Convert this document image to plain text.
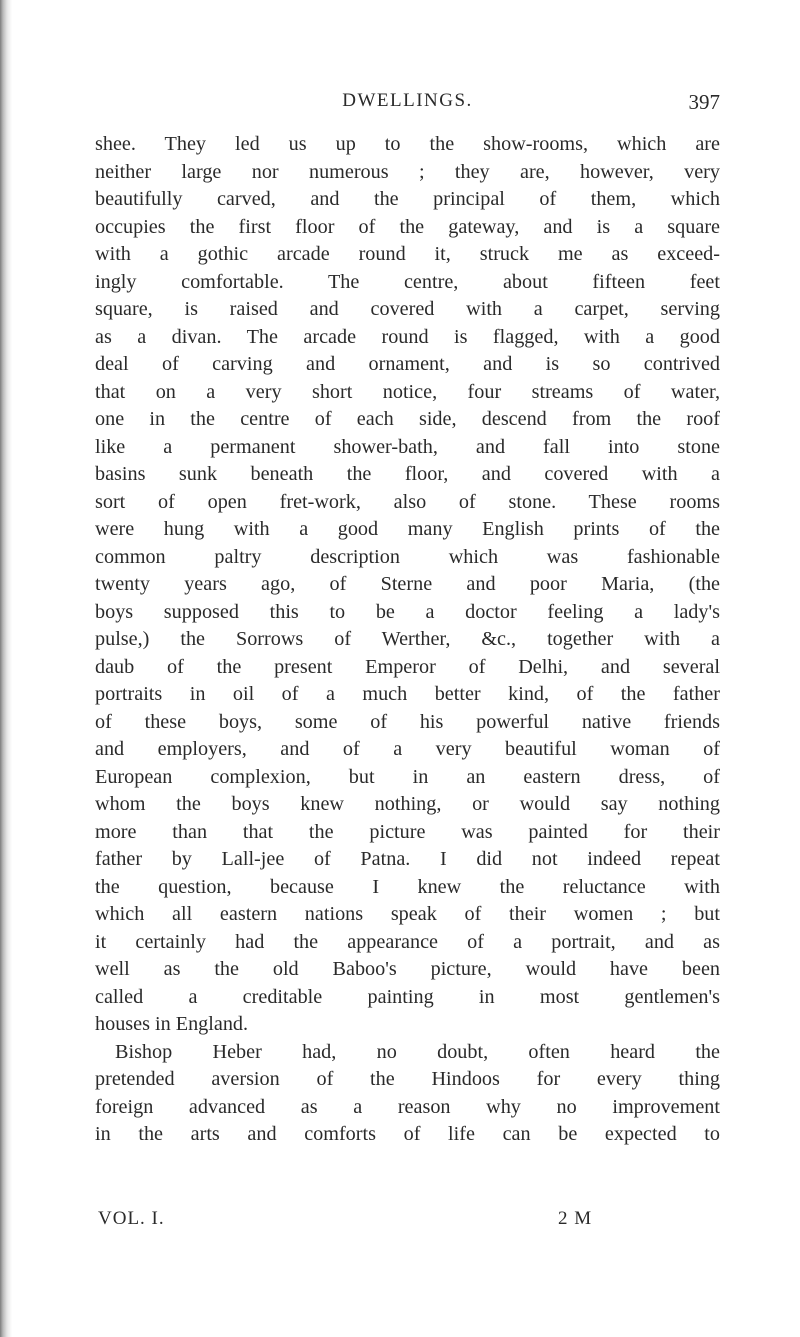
DWELLINGS.	397
shee. They led us up to the show-rooms, which are
neither large nor numerous ; they are, however, very
beautifully carved, and the principal of them, which
occupies the first floor of the gateway, and is a square
with a gothic arcade round it, struck me as exceed-
ingly comfortable. The centre, about fifteen feet
square, is raised and covered with a carpet, serving
as a divan. The arcade round is flagged, with a good
deal of carving and ornament, and is so contrived
that on a very short notice, four streams of water,
one in the centre of each side, descend from the roof
like a permanent shower-bath, and fall into stone
basins sunk beneath the floor, and covered with a
sort of open fret-work, also of stone. These rooms
were hung with a good many English prints of the
common paltry description which was fashionable
twenty years ago, of Sterne and poor Maria, (the
boys supposed this to be a doctor feeling a lady's
pulse,) the Sorrows of Werther, &c., together with a
daub of the present Emperor of Delhi, and several
portraits in oil of a much better kind, of the father
of these boys, some of his powerful native friends
and employers, and of a very beautiful woman of
European complexion, but in an eastern dress, of
whom the boys knew nothing, or would say nothing
more than that the picture was painted for their
father by Lall-jee of Patna. I did not indeed repeat
the question, because I knew the reluctance with
which all eastern nations speak of their women ; but
it certainly had the appearance of a portrait, and as
well as the old Baboo's picture, would have been
called a creditable painting in most gentlemen's
houses in England.
Bishop Heber had, no doubt, often heard the
pretended aversion of the Hindoos for every thing
foreign advanced as a reason why no improvement
in the arts and comforts of life can be expected to
VOL. I.	2 M
